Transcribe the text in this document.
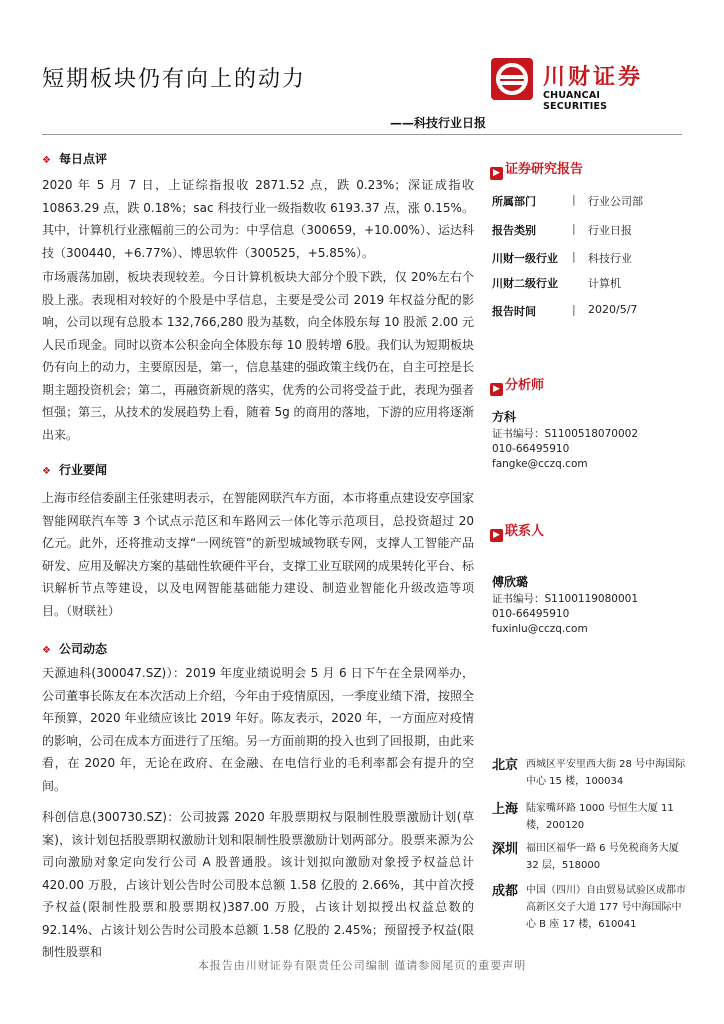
短期板块仍有向上的动力	川财证券
CHUANCAI SECURITIES
——科技行业日报
❖ 每日点评
2020 年 5 月 7 日，上证综指报收 2871.52 点，跌 0.23%；深证成指收 10863.29 点，跌 0.18%；sac 科技行业一级指数收 6193.37 点，涨 0.15%。其中，计算机行业涨幅前三的公司为：中孚信息（300659，+10.00%）、运达科技（300440，+6.77%）、博思软件（300525，+5.85%）。
市场震荡加剧，板块表现较差。今日计算机板块大部分个股下跌，仅 20%左右个股上涨。表现相对较好的个股是中孚信息，主要是受公司 2019 年权益分配的影响，公司以现有总股本 132,766,280 股为基数，向全体股东每 10 股派 2.00 元人民币现金。同时以资本公积金向全体股东每 10 股转增 6股。我们认为短期板块仍有向上的动力，主要原因是，第一，信息基建的强政策主线仍在，自主可控是长期主题投资机会；第二，再融资新规的落实，优秀的公司将受益于此，表现为强者恒强；第三，从技术的发展趋势上看，随着 5g 的商用的落地，下游的应用将逐渐出来。
❖ 行业要闻
上海市经信委副主任张建明表示，在智能网联汽车方面，本市将重点建设安亭国家智能网联汽车等 3 个试点示范区和车路网云一体化等示范项目，总投资超过 20 亿元。此外，还将推动支撑“一网统管”的新型城域物联专网，支撑人工智能产品研发、应用及解决方案的基础性软硬件平台，支撑工业互联网的成果转化平台、标识解析节点等建设，以及电网智能基础能力建设、制造业智能化升级改造等项目。（财联社）
❖ 公司动态
天源迪科(300047.SZ)）：2019 年度业绩说明会 5 月 6 日下午在全景网举办，公司董事长陈友在本次活动上介绍，今年由于疫情原因，一季度业绩下滑，按照全年预算，2020 年业绩应该比 2019 年好。陈友表示，2020 年，一方面应对疫情的影响，公司在成本方面进行了压缩。另一方面前期的投入也到了回报期，由此来看，在 2020 年，无论在政府、在金融、在电信行业的毛利率都会有提升的空间。
科创信息(300730.SZ)：公司披露 2020 年股票期权与限制性股票激励计划(草案)，该计划包括股票期权激励计划和限制性股票激励计划两部分。股票来源为公司向激励对象定向发行公司 A 股普通股。该计划拟向激励对象授予权益总计 420.00 万股，占该计划公告时公司股本总额 1.58 亿股的 2.66%，其中首次授予权益(限制性股票和股票期权)387.00 万股，占该计划拟授出权益总数的 92.14%、占该计划公告时公司股本总额 1.58 亿股的 2.45%；预留授予权益(限制性股票和
▶ 证券研究报告
所属部门	| 行业公司部
报告类别	| 行业日报
川财一级行业 | 科技行业
川财二级行业	计算机
报告时间	| 2020/5/7
▶ 分析师
方科
证书编号：S1100518070002
010-66495910
fangke@cczq.com
▶ 联系人
傅欣璐
证书编号：S1100119080001
010-66495910
fuxinlu@cczq.com
北京 西城区平安里西大街 28 号中海国际中心 15 楼，100034
上海 陆家嘴环路 1000 号恒生大厦 11 楼，200120
深圳 福田区福华一路 6 号免税商务大厦 32 层，518000
成都 中国（四川）自由贸易试验区成都市高新区交子大道 177 号中海国际中心 B 座 17 楼，610041
本报告由川财证券有限责任公司编制 谨请参阅尾页的重要声明
